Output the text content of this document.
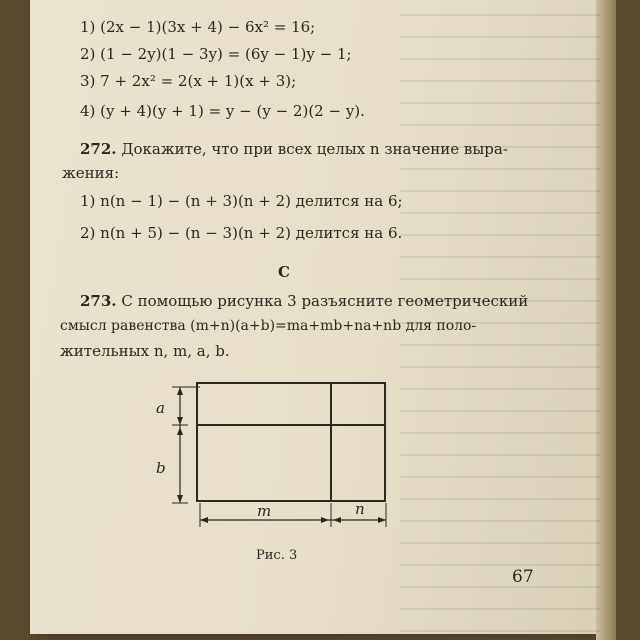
1) (2x − 1)(3x + 4) − 6x² = 16;
2) (1 − 2y)(1 − 3y) = (6y − 1)y − 1;
3) 7 + 2x² = 2(x + 1)(x + 3);
4) (y + 4)(y + 1) = y − (y − 2)(2 − y).
272. Докажите, что при всех целых n значение выра-
жения:
1) n(n − 1) − (n + 3)(n + 2) делится на 6;
2) n(n + 5) − (n − 3)(n + 2) делится на 6.
С
273. С помощью рисунка 3 разъясните геометрический
смысл равенства (m+n)(a+b)=ma+mb+na+nb для поло-
жительных n, m, a, b.
a
b
m	n
Рис. 3
67
